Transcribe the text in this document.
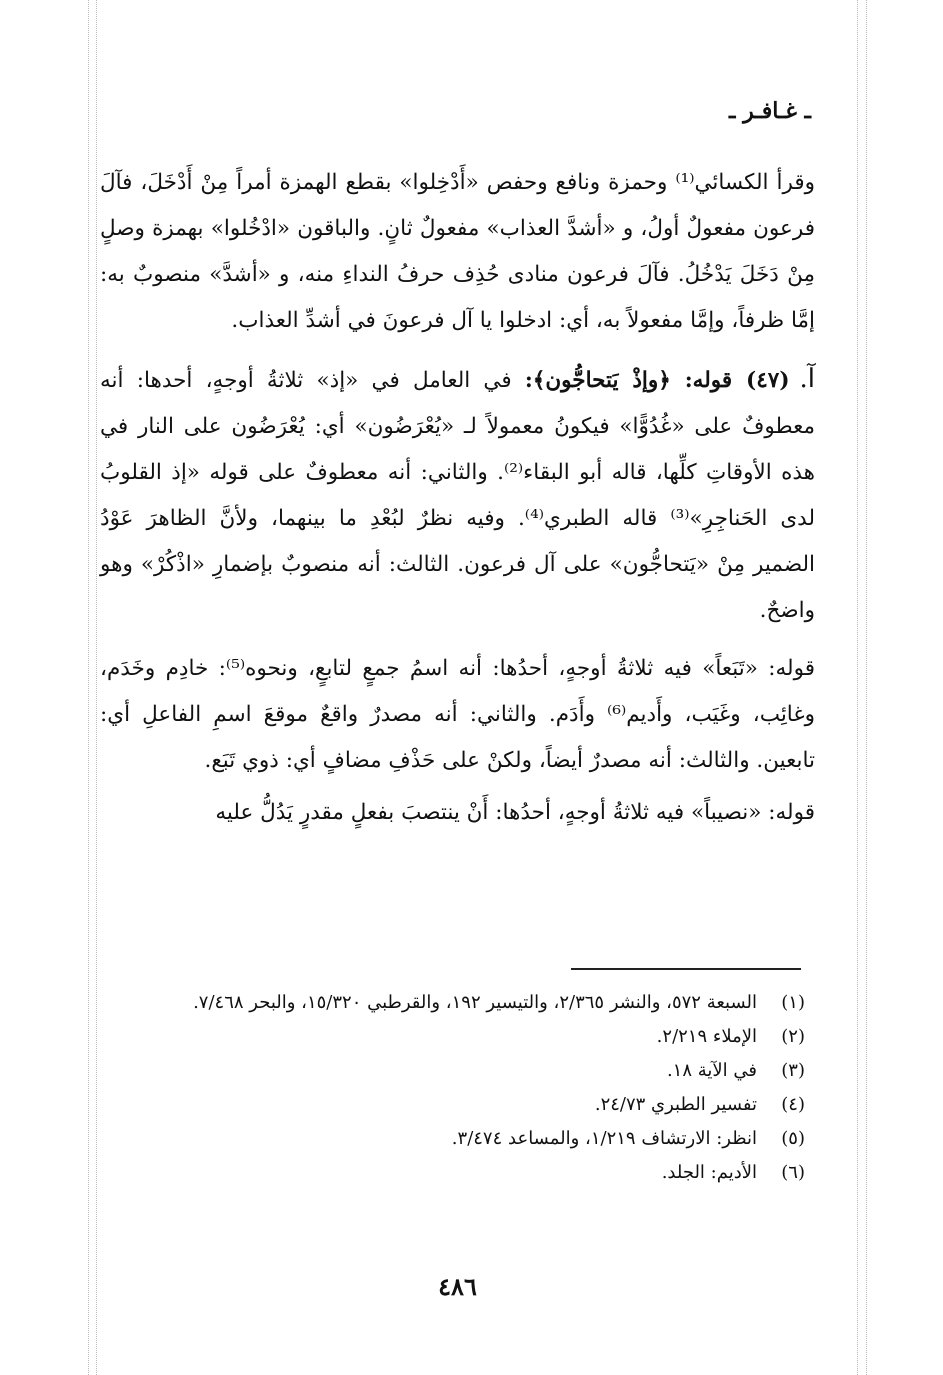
ـ غـافـر ـ

وقرأ الكسائي⁽¹⁾ وحمزة ونافع وحفص «أَدْخِلوا» بقطع الهمزة أمراً مِنْ أَدْخَلَ، فآلَ فرعون مفعولٌ أولُ، و «أشدَّ العذاب» مفعولٌ ثانٍ. والباقون «ادْخُلوا» بهمزة وصلٍ مِنْ دَخَلَ يَدْخُلُ. فآلَ فرعون منادى حُذِف حرفُ النداءِ منه، و «أشدَّ» منصوبٌ به: إمَّا ظرفاً، وإمَّا مفعولاً به، أي: ادخلوا يا آل فرعونَ في أشدِّ العذاب.

آ.(٤٧) قوله: ﴿وإذْ يَتحاجُّون﴾: في العامل في «إذ» ثلاثةُ أوجهٍ، أحدها: أنه معطوفٌ على «غُدُوًّا» فيكونُ معمولاً لـ «يُعْرَضُون» أي: يُعْرَضُون على النار في هذه الأوقاتِ كلِّها، قاله أبو البقاء⁽²⁾. والثاني: أنه معطوفٌ على قوله «إذ القلوبُ لدى الحَناجِرِ»⁽³⁾ قاله الطبري⁽⁴⁾. وفيه نظرٌ لبُعْدِ ما بينهما، ولأنَّ الظاهرَ عَوْدُ الضمير مِنْ «يَتحاجُّون» على آل فرعون. الثالث: أنه منصوبٌ بإضمارِ «اذْكُرْ» وهو واضحٌ.

قوله: «تَبَعاً» فيه ثلاثةُ أوجهٍ، أحدُها: أنه اسمُ جمعٍ لتابعٍ، ونحوه⁽⁵⁾: خادِم وخَدَم، وغائِب، وغَيَب، وأَديم⁽⁶⁾ وأَدَم. والثاني: أنه مصدرٌ واقعٌ موقعَ اسمِ الفاعلِ أي: تابعين. والثالث: أنه مصدرٌ أيضاً، ولكنْ على حَذْفِ مضافٍ أي: ذوي تَبَع.

قوله: «نصيباً» فيه ثلاثةُ أوجهٍ، أحدُها: أَنْ ينتصبَ بفعلٍ مقدرٍ يَدُلُّ عليه

(١)
السبعة ٥٧٢، والنشر ٢/٣٦٥، والتيسير ١٩٢، والقرطبي ١٥/٣٢٠، والبحر ٧/٤٦٨.
(٢)
الإملاء ٢/٢١٩.
(٣)
في الآية ١٨.
(٤)
تفسير الطبري ٢٤/٧٣.
(٥)
انظر: الارتشاف ١/٢١٩، والمساعد ٣/٤٧٤.
(٦)
الأديم: الجلد.
٤٨٦
